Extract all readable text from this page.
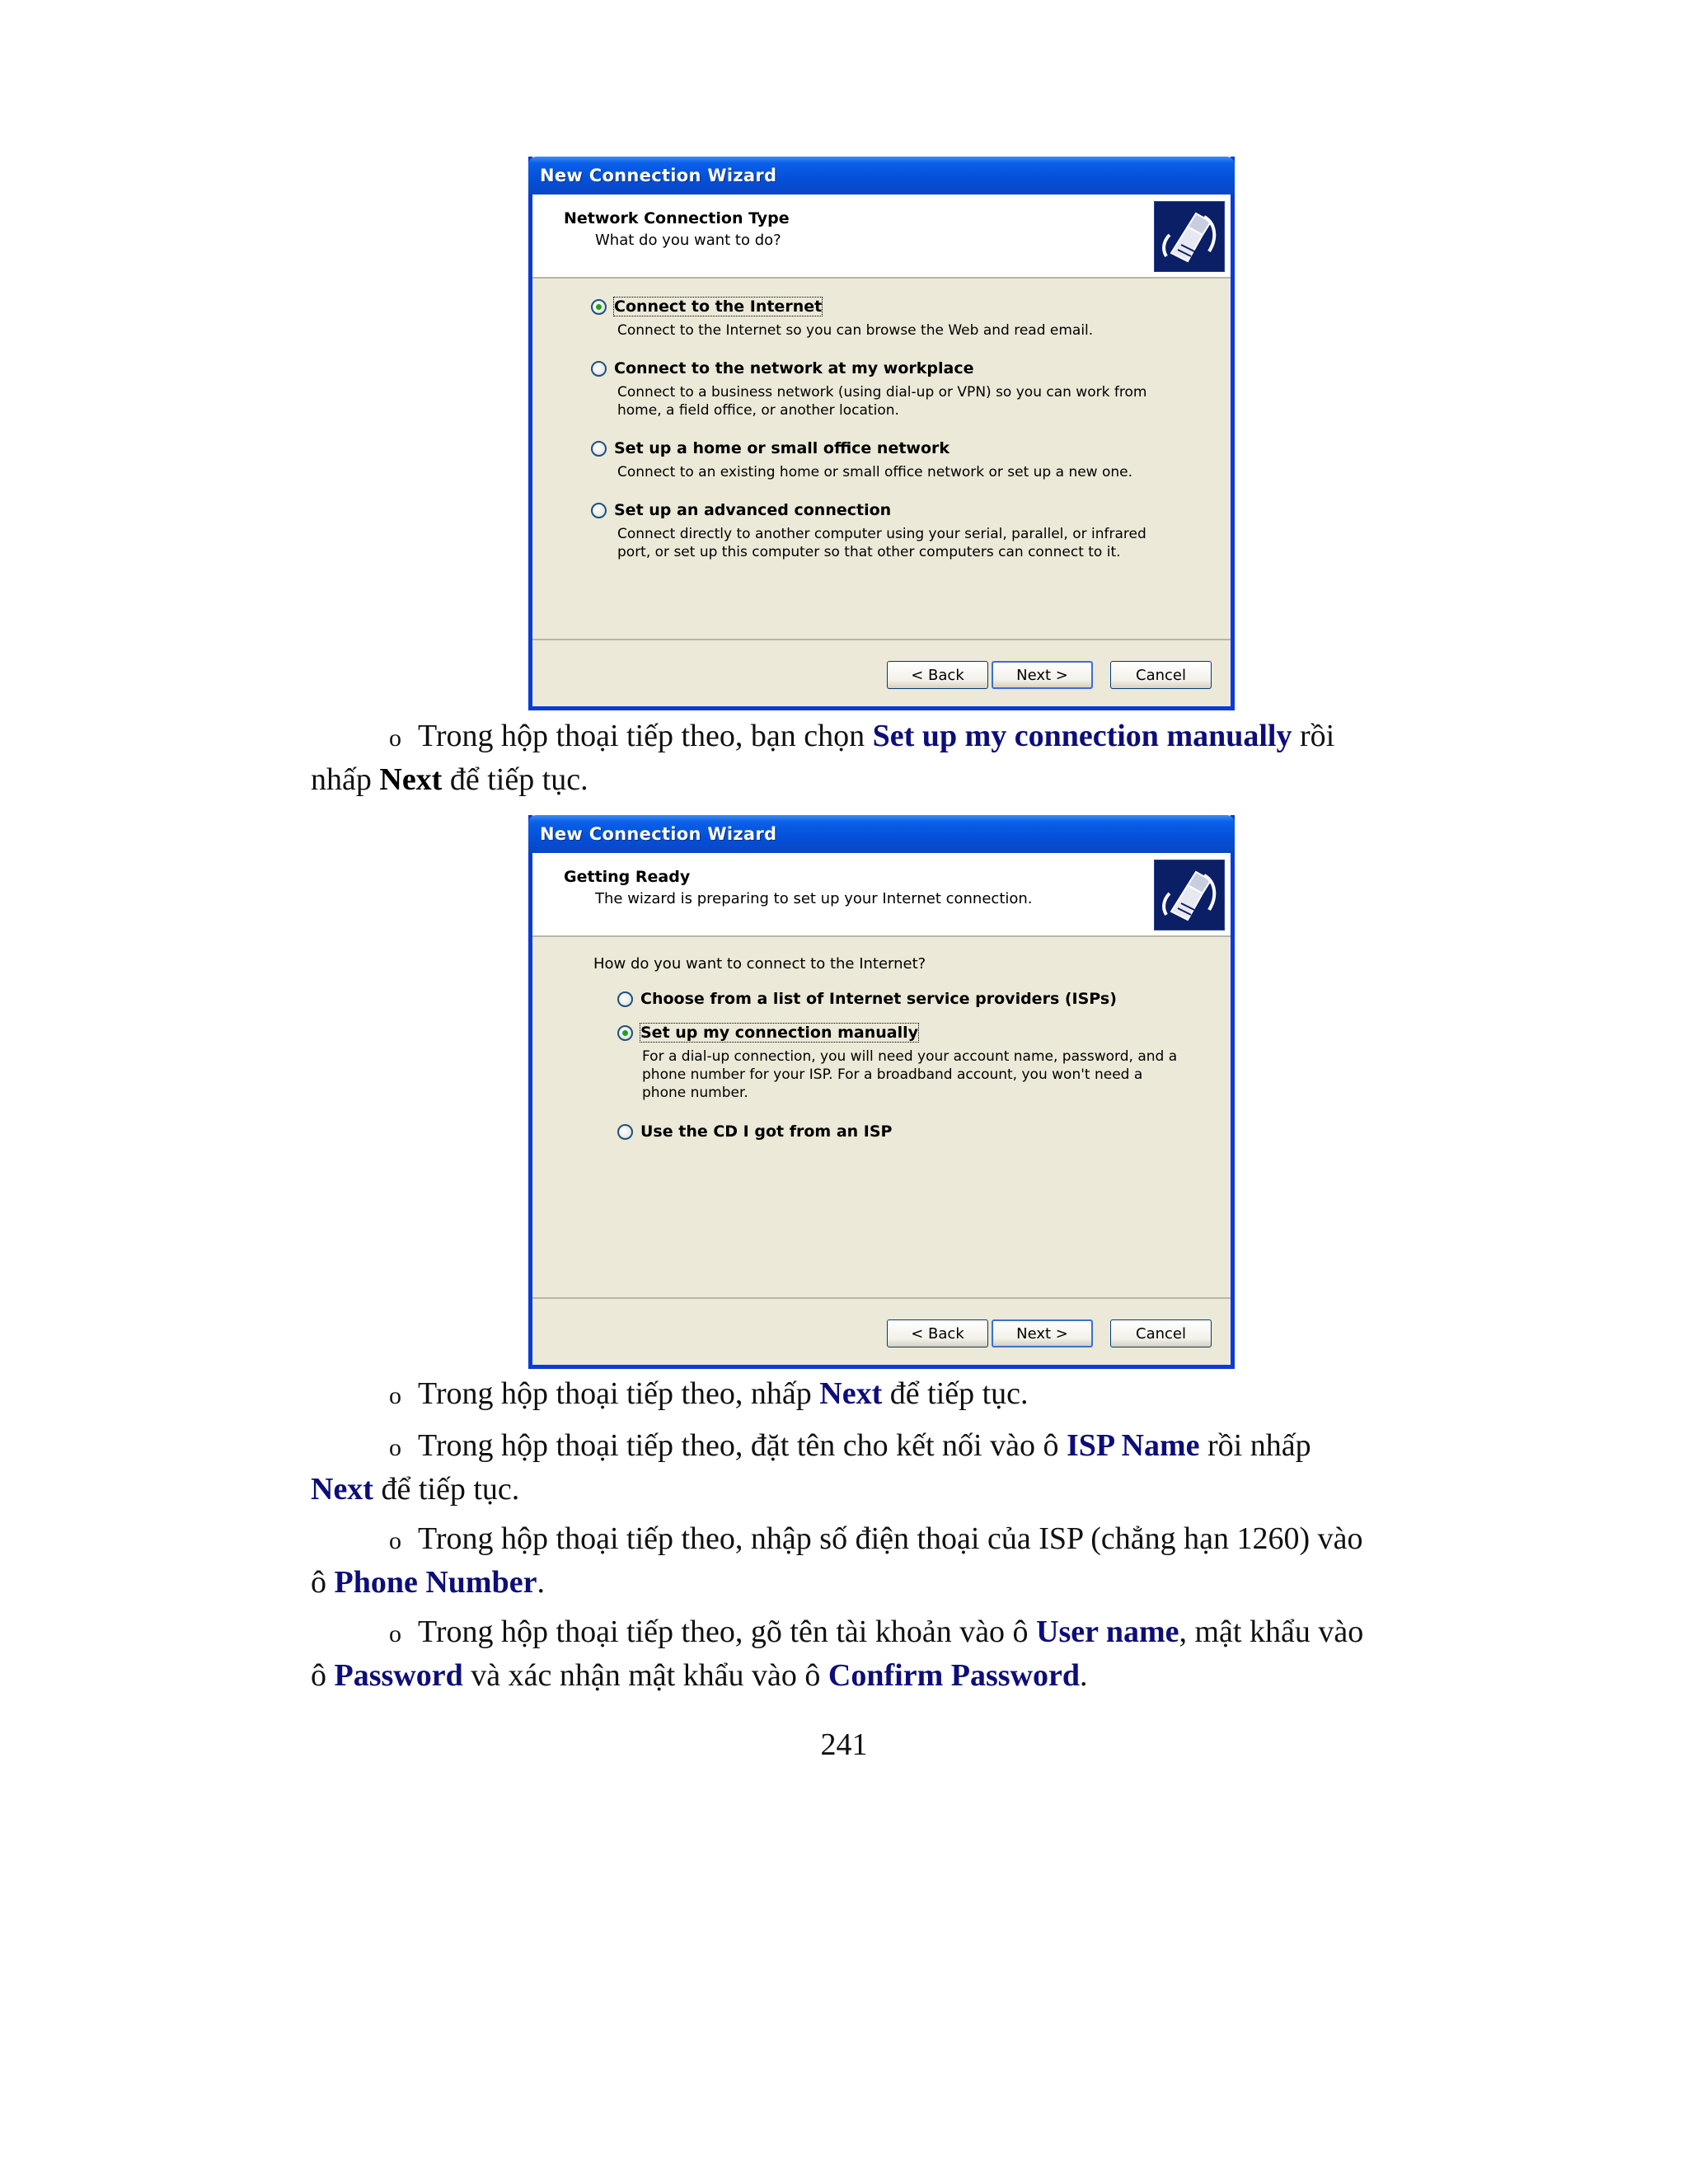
New Connection Wizard
Network Connection Type
What do you want to do?
Connect to the Internet
Connect to the Internet so you can browse the Web and read email.
Connect to the network at my workplace
Connect to a business network (using dial-up or VPN) so you can work from home, a field office, or another location.
Set up a home or small office network
Connect to an existing home or small office network or set up a new one.
Set up an advanced connection
Connect directly to another computer using your serial, parallel, or infrared port, or set up this computer so that other computers can connect to it.
< Back	Next >	Cancel
o Trong hộp thoại tiếp theo, bạn chọn Set up my connection manually rồi nhấp Next để tiếp tục.
New Connection Wizard
Getting Ready
The wizard is preparing to set up your Internet connection.
How do you want to connect to the Internet?
Choose from a list of Internet service providers (ISPs)
Set up my connection manually
For a dial-up connection, you will need your account name, password, and a phone number for your ISP. For a broadband account, you won't need a phone number.
Use the CD I got from an ISP
< Back	Next >	Cancel
o Trong hộp thoại tiếp theo, nhấp Next để tiếp tục.
o Trong hộp thoại tiếp theo, đặt tên cho kết nối vào ô ISP Name rồi nhấp Next để tiếp tục.
o Trong hộp thoại tiếp theo, nhập số điện thoại của ISP (chẳng hạn 1260) vào ô Phone Number.
o Trong hộp thoại tiếp theo, gõ tên tài khoản vào ô User name, mật khẩu vào ô Password và xác nhận mật khẩu vào ô Confirm Password.
241
